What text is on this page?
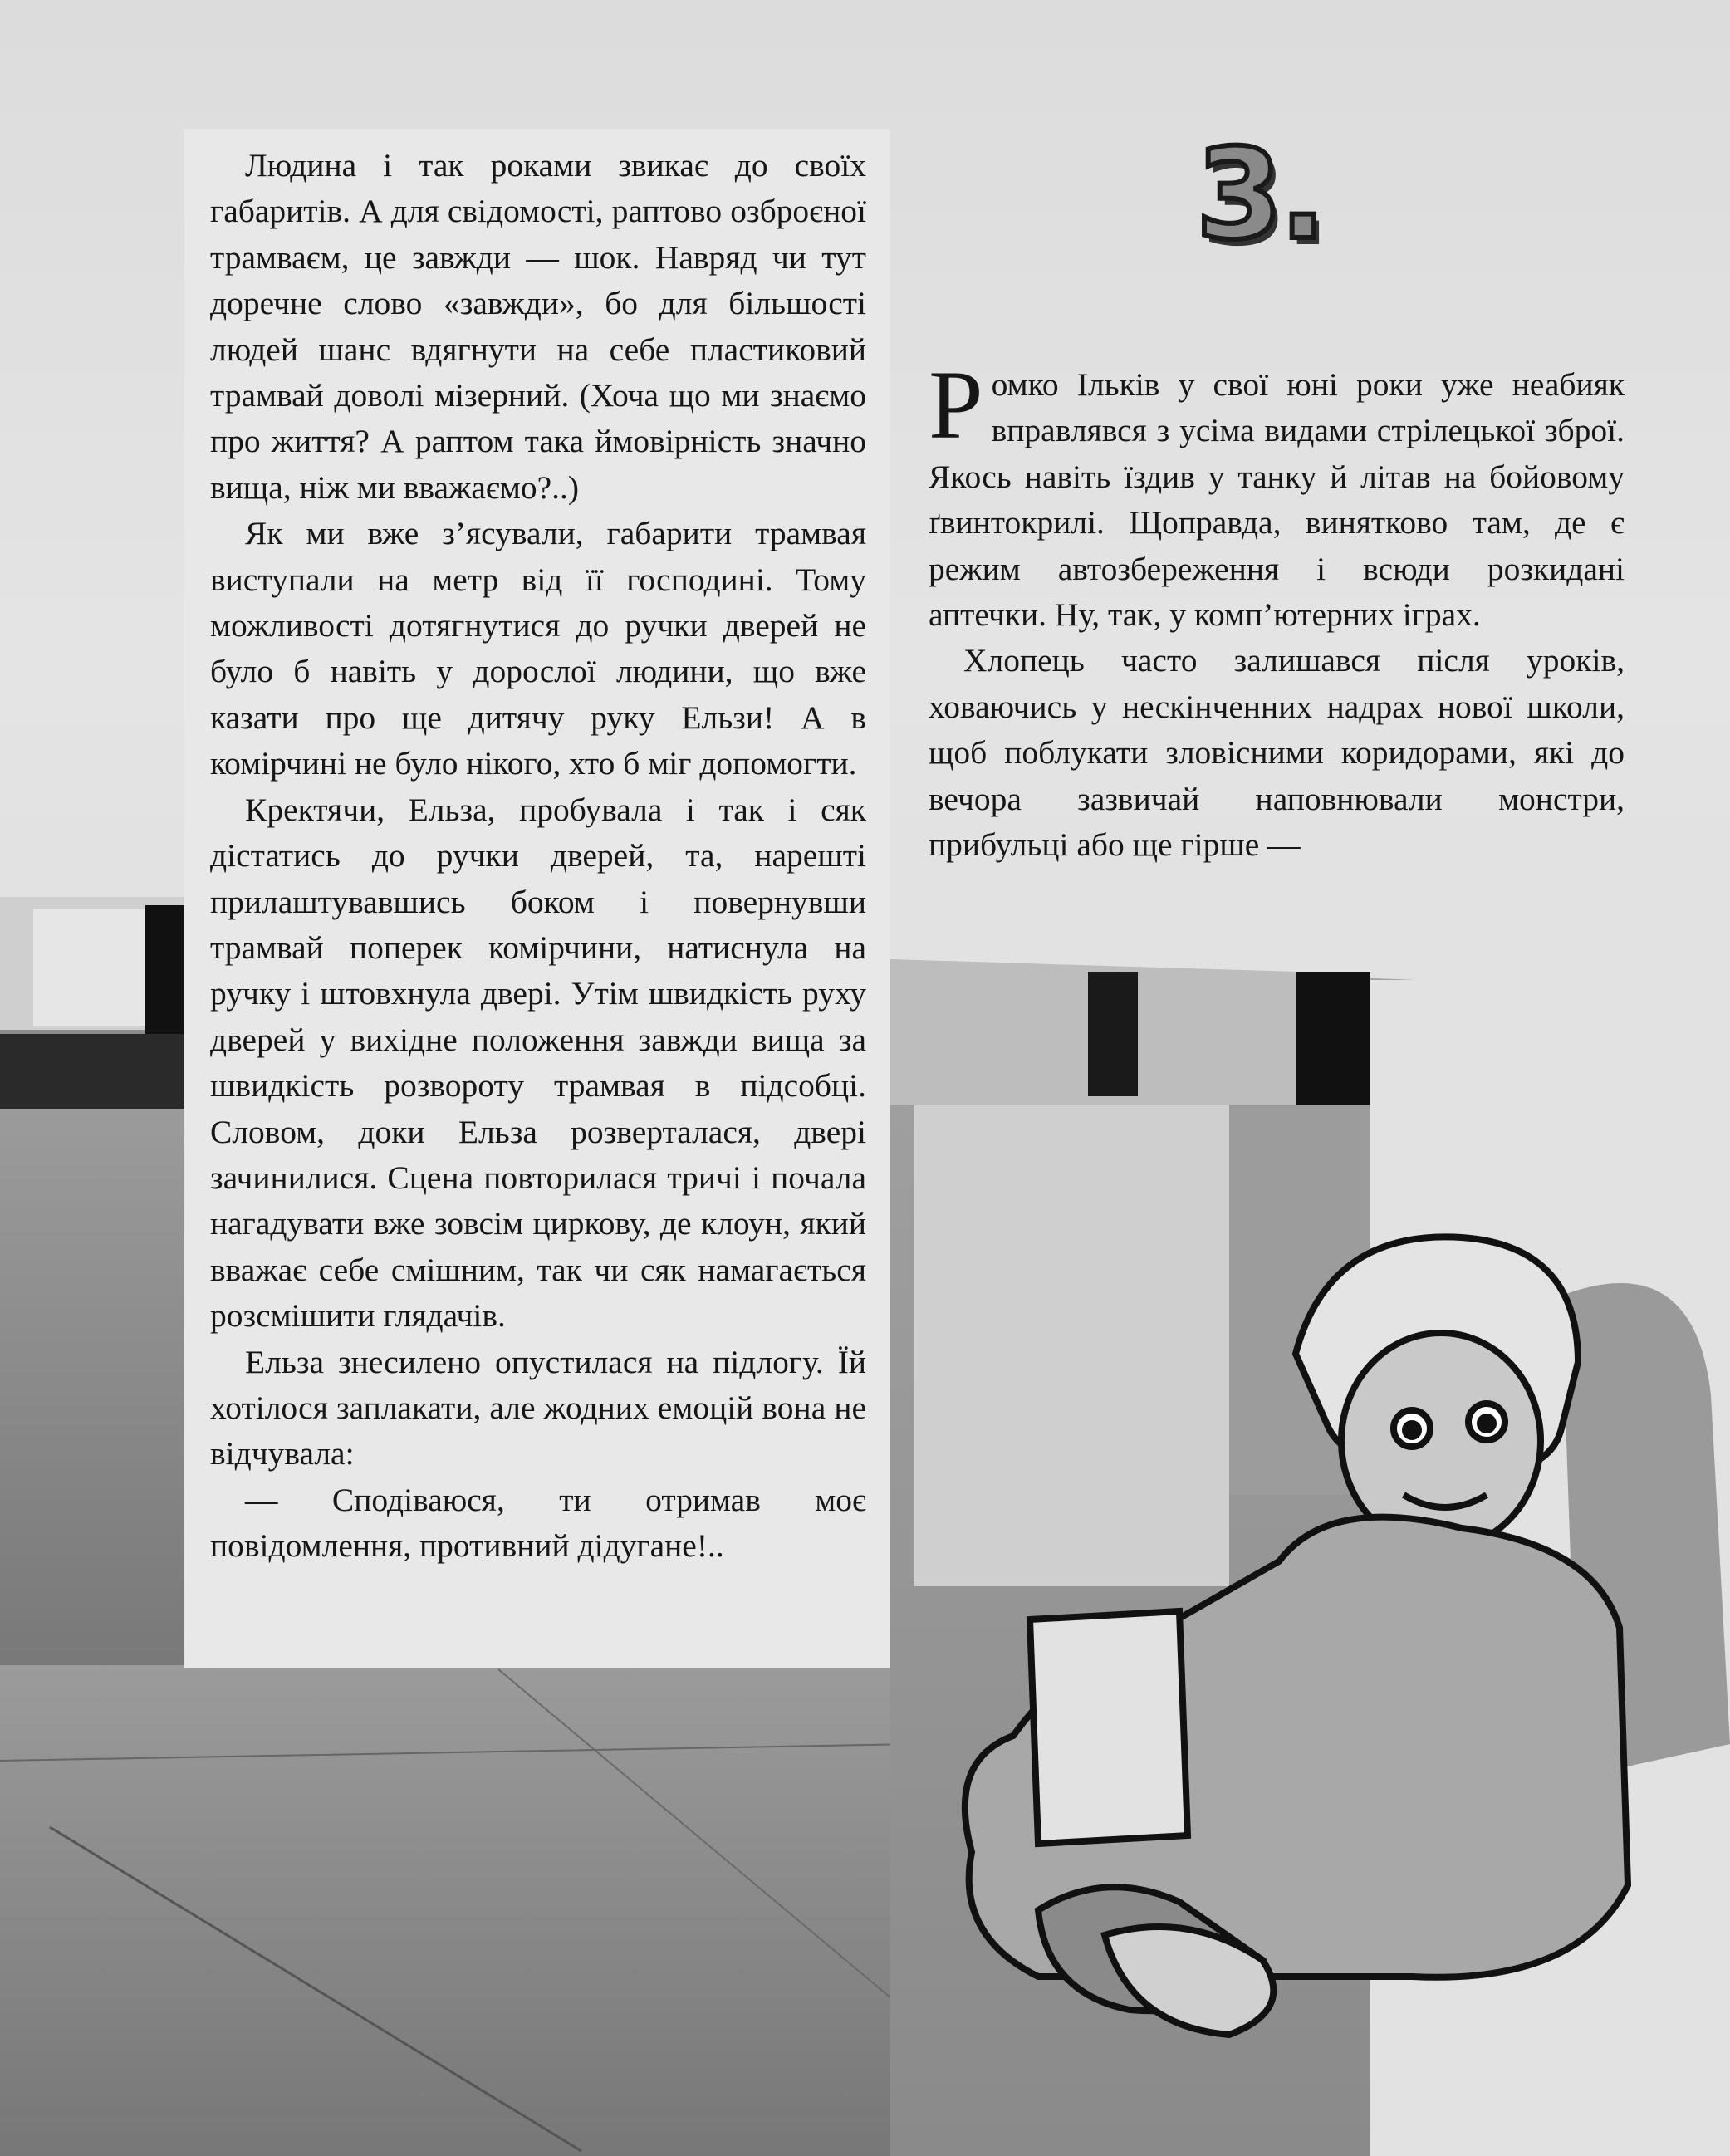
Людина і так роками звикає до своїх габаритів. А для свідомості, раптово озброєної трамваєм, це завжди — шок. Навряд чи тут доречне слово «завжди», бо для більшості людей шанс вдягнути на себе пластиковий трамвай доволі мізерний. (Хоча що ми знаємо про життя? А раптом така ймовірність значно вища, ніж ми вважаємо?..)

Як ми вже з’ясували, габарити трамвая виступали на метр від її господині. Тому можливості дотягнутися до ручки дверей не було б навіть у дорослої людини, що вже казати про ще дитячу руку Ельзи! А в комірчині не було нікого, хто б міг допомогти.

Кректячи, Ельза, пробувала і так і сяк дістатись до ручки дверей, та, нарешті прилаштувавшись боком і повернувши трамвай поперек комірчини, натиснула на ручку і штовхнула двері. Утім швидкість руху дверей у вихідне положення завжди вища за швидкість розвороту трамвая в підсобці. Словом, доки Ельза розверталася, двері зачинилися. Сцена повторилася тричі і почала нагадувати вже зовсім циркову, де клоун, який вважає себе смішним, так чи сяк намагається розсмішити глядачів.

Ельза знесилено опустилася на підлогу. Їй хотілося заплакати, але жодних емоцій вона не відчувала:

— Сподіваюся, ти отримав моє повідомлення, противний дідугане!..

3.

Ромко Ільків у свої юні роки уже неабияк вправлявся з усіма видами стрілецької зброї. Якось навіть їздив у танку й літав на бойовому ґвинтокрилі. Щоправда, винятково там, де є режим автозбереження і всюди розкидані аптечки. Ну, так, у комп’ютерних іграх.

Хлопець часто залишався після уроків, ховаючись у нескінченних надрах нової школи, щоб поблукати зловісними коридорами, які до вечора зазвичай наповнювали монстри, прибульці або ще гірше —
